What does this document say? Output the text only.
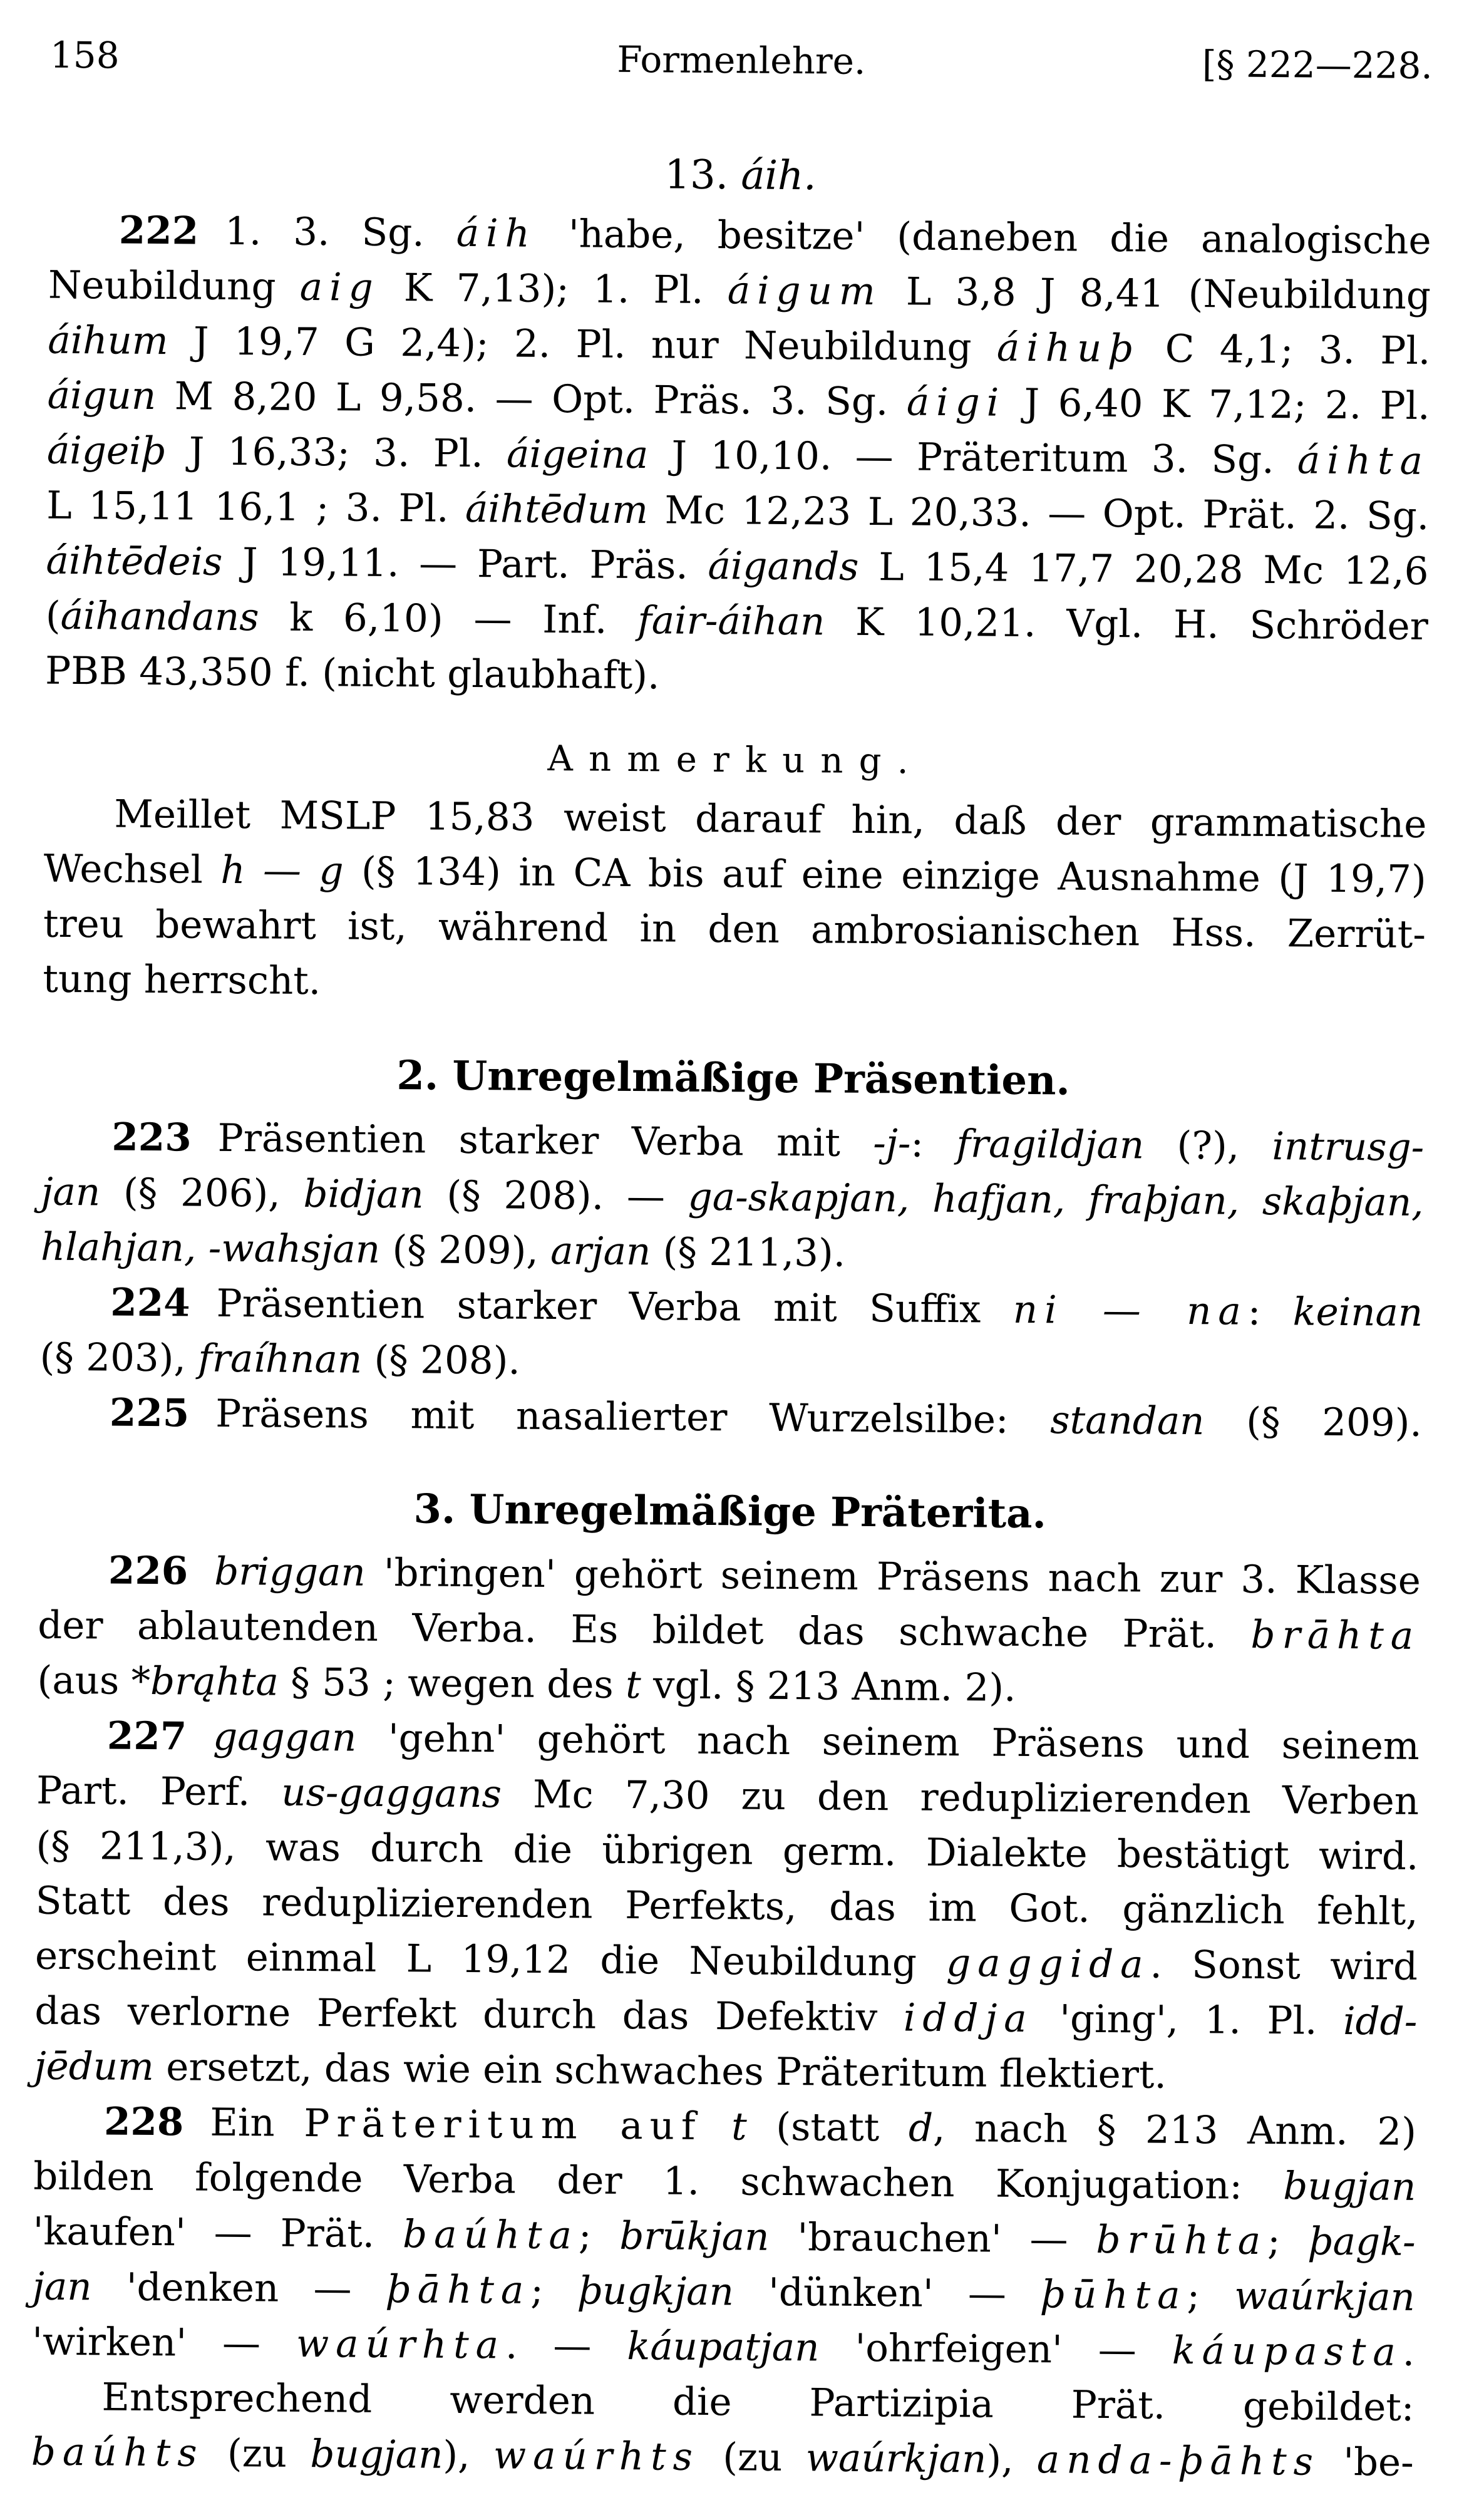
158	Formenlehre.	[§ 222—228.
13. áih.
222 1. 3. Sg. áih 'habe, besitze' (daneben die analogische
Neubildung aig K 7,13); 1. Pl. áigum L 3,8 J 8,41 (Neubildung
áihum J 19,7 G 2,4); 2. Pl. nur Neubildung áihuþ C 4,1; 3. Pl.
áigun M 8,20 L 9,58. — Opt. Präs. 3. Sg. áigi J 6,40 K 7,12; 2. Pl.
áigeiþ J 16,33; 3. Pl. áigeina J 10,10. — Präteritum 3. Sg. áihta
L 15,11 16,1 ; 3. Pl. áihtēdum Mc 12,23 L 20,33. — Opt. Prät. 2. Sg.
áihtēdeis J 19,11. — Part. Präs. áigands L 15,4 17,7 20,28 Mc 12,6
(áihandans k 6,10) — Inf. fair-áihan K 10,21. Vgl. H. Schröder
PBB 43,350 f. (nicht glaubhaft).
Anmerkung.
Meillet MSLP 15,83 weist darauf hin, daß der grammatische
Wechsel h — g (§ 134) in CA bis auf eine einzige Ausnahme (J 19,7)
treu bewahrt ist, während in den ambrosianischen Hss. Zerrüt-
tung herrscht.
2. Unregelmäßige Präsentien.
223 Präsentien starker Verba mit -j-: fragildjan (?), intrusg-
jan (§ 206), bidjan (§ 208). — ga-skapjan, hafjan, fraþjan, skaþjan,
hlahjan, -wahsjan (§ 209), arjan (§ 211,3).
224 Präsentien starker Verba mit Suffix ni — na: keinan
(§ 203), fraíhnan (§ 208).
225 Präsens mit nasalierter Wurzelsilbe: standan (§ 209).
3. Unregelmäßige Präterita.
226 briggan 'bringen' gehört seinem Präsens nach zur 3. Klasse
der ablautenden Verba. Es bildet das schwache Prät. brāhta
(aus *brąhta § 53 ; wegen des t vgl. § 213 Anm. 2).
227 gaggan 'gehn' gehört nach seinem Präsens und seinem
Part. Perf. us-gaggans Mc 7,30 zu den reduplizierenden Verben
(§ 211,3), was durch die übrigen germ. Dialekte bestätigt wird.
Statt des reduplizierenden Perfekts, das im Got. gänzlich fehlt,
erscheint einmal L 19,12 die Neubildung gaggida. Sonst wird
das verlorne Perfekt durch das Defektiv iddja 'ging', 1. Pl. idd-
jēdum ersetzt, das wie ein schwaches Präteritum flektiert.
228 Ein Präteritum auf t (statt d, nach § 213 Anm. 2)
bilden folgende Verba der 1. schwachen Konjugation: bugjan
'kaufen' — Prät. baúhta; brūkjan 'brauchen' — brūhta; þagk-
jan 'denken — þāhta; þugkjan 'dünken' — þūhta; waúrkjan
'wirken' — waúrhta. — káupatjan 'ohrfeigen' — káupasta.
Entsprechend werden die Partizipia Prät. gebildet:
baúhts (zu bugjan), waúrhts (zu waúrkjan), anda-þāhts 'be-
